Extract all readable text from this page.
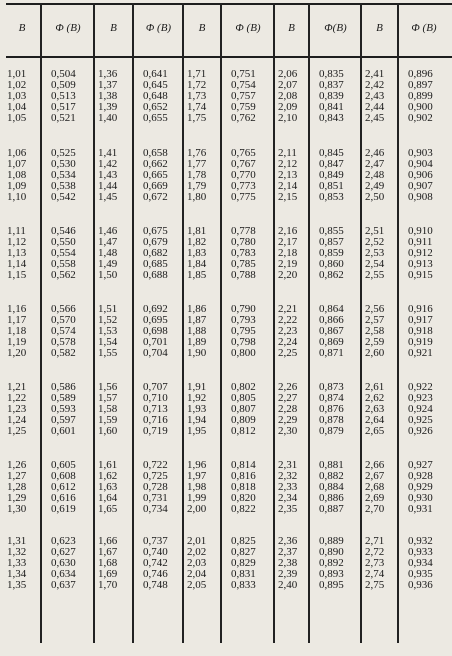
B	Φ (B)	B	Φ (B)	B	Φ (B)	B	Φ(B)	B	Φ (B)
1,01	0,504	1,36	0,641	1,71	0,751	2,06	0,835	2,41	0,896
1,02	0,509	1,37	0,645	1,72	0,754	2,07	0,837	2,42	0,897
1,03	0,513	1,38	0,648	1,73	0,757	2,08	0,839	2,43	0,899
1,04	0,517	1,39	0,652	1,74	0,759	2,09	0,841	2,44	0,900
1,05	0,521	1,40	0,655	1,75	0,762	2,10	0,843	2,45	0,902
1,06	0,525	1,41	0,658	1,76	0,765	2,11	0,845	2,46	0,903
1,07	0,530	1,42	0,662	1,77	0,767	2,12	0,847	2,47	0,904
1,08	0,534	1,43	0,665	1,78	0,770	2,13	0,849	2,48	0,906
1,09	0,538	1,44	0,669	1,79	0,773	2,14	0,851	2,49	0,907
1,10	0,542	1,45	0,672	1,80	0,775	2,15	0,853	2,50	0,908
1,11	0,546	1,46	0,675	1,81	0,778	2,16	0,855	2,51	0,910
1,12	0,550	1,47	0,679	1,82	0,780	2,17	0,857	2,52	0,911
1,13	0,554	1,48	0,682	1,83	0,783	2,18	0,859	2,53	0,912
1,14	0,558	1,49	0,685	1,84	0,785	2,19	0,860	2,54	0,913
1,15	0,562	1,50	0,688	1,85	0,788	2,20	0,862	2,55	0,915
1,16	0,566	1,51	0,692	1,86	0,790	2,21	0,864	2,56	0,916
1,17	0,570	1,52	0,695	1,87	0,793	2,22	0,866	2,57	0,917
1,18	0,574	1,53	0,698	1,88	0,795	2,23	0,867	2,58	0,918
1,19	0,578	1,54	0,701	1,89	0,798	2,24	0,869	2,59	0,919
1,20	0,582	1,55	0,704	1,90	0,800	2,25	0,871	2,60	0,921
1,21	0,586	1,56	0,707	1,91	0,802	2,26	0,873	2,61	0,922
1,22	0,589	1,57	0,710	1,92	0,805	2,27	0,874	2,62	0,923
1,23	0,593	1,58	0,713	1,93	0,807	2,28	0,876	2,63	0,924
1,24	0,597	1,59	0,716	1,94	0,809	2,29	0,878	2,64	0,925
1,25	0,601	1,60	0,719	1,95	0,812	2,30	0,879	2,65	0,926
1,26	0,605	1,61	0,722	1,96	0,814	2,31	0,881	2,66	0,927
1,27	0,608	1,62	0,725	1,97	0,816	2,32	0,882	2,67	0,928
1,28	0,612	1,63	0,728	1,98	0,818	2,33	0,884	2,68	0,929
1,29	0,616	1,64	0,731	1,99	0,820	2,34	0,886	2,69	0,930
1,30	0,619	1,65	0,734	2,00	0,822	2,35	0,887	2,70	0,931
1,31	0,623	1,66	0,737	2,01	0,825	2,36	0,889	2,71	0,932
1,32	0,627	1,67	0,740	2,02	0,827	2,37	0,890	2,72	0,933
1,33	0,630	1,68	0,742	2,03	0,829	2,38	0,892	2,73	0,934
1,34	0,634	1,69	0,746	2,04	0,831	2,39	0,893	2,74	0,935
1,35	0,637	1,70	0,748	2,05	0,833	2,40	0,895	2,75	0,936
